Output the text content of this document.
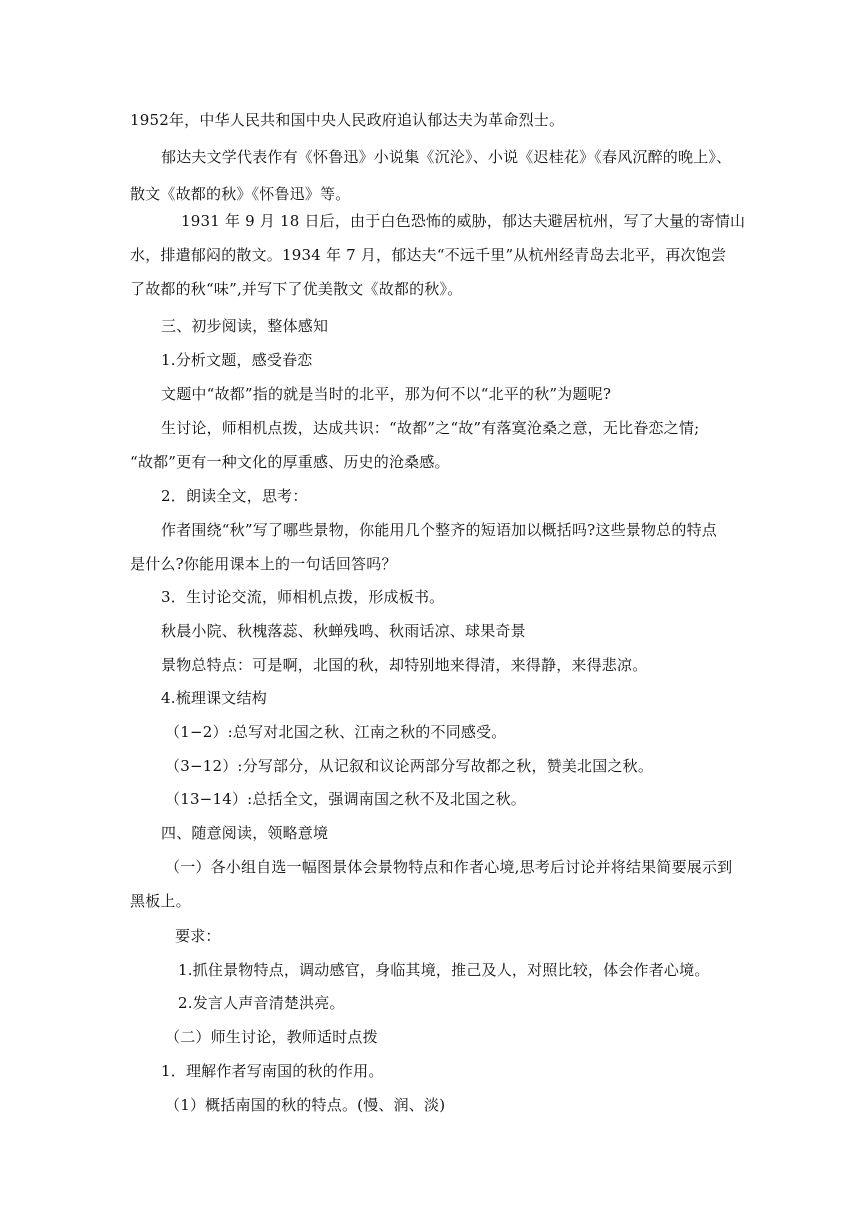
1952年，中华人民共和国中央人民政府追认郁达夫为革命烈士。
郁达夫文学代表作有《怀鲁迅》小说集《沉沦》、小说《迟桂花》《春风沉醉的晚上》、
散文《故都的秋》《怀鲁迅》等。
1931 年 9 月 18 日后，由于白色恐怖的威胁，郁达夫避居杭州，写了大量的寄情山
水，排遣郁闷的散文。1934 年 7 月，郁达夫“不远千里”从杭州经青岛去北平，再次饱尝
了故都的秋“味”,并写下了优美散文《故都的秋》。
三、初步阅读，整体感知
1.分析文题，感受眷恋
文题中“故都”指的就是当时的北平，那为何不以“北平的秋”为题呢?
生讨论，师相机点拨，达成共识：“故都”之“故”有落寞沧桑之意，无比眷恋之情;
“故都”更有一种文化的厚重感、历史的沧桑感。
2．朗读全文，思考：
作者围绕“秋”写了哪些景物，你能用几个整齐的短语加以概括吗?这些景物总的特点
是什么?你能用课本上的一句话回答吗？
3．生讨论交流，师相机点拨，形成板书。
秋晨小院、秋槐落蕊、秋蝉残鸣、秋雨话凉、球果奇景
景物总特点：可是啊，北国的秋，却特别地来得清，来得静，来得悲凉。
4.梳理课文结构
（1−2）:总写对北国之秋、江南之秋的不同感受。
（3−12）:分写部分，从记叙和议论两部分写故都之秋，赞美北国之秋。
（13−14）:总括全文，强调南国之秋不及北国之秋。
四、随意阅读，领略意境
（一）各小组自选一幅图景体会景物特点和作者心境,思考后讨论并将结果简要展示到
黑板上。
要求：
1.抓住景物特点，调动感官，身临其境，推己及人，对照比较，体会作者心境。
2.发言人声音清楚洪亮。
（二）师生讨论，教师适时点拨
1．理解作者写南国的秋的作用。
（1）概括南国的秋的特点。(慢、润、淡)
